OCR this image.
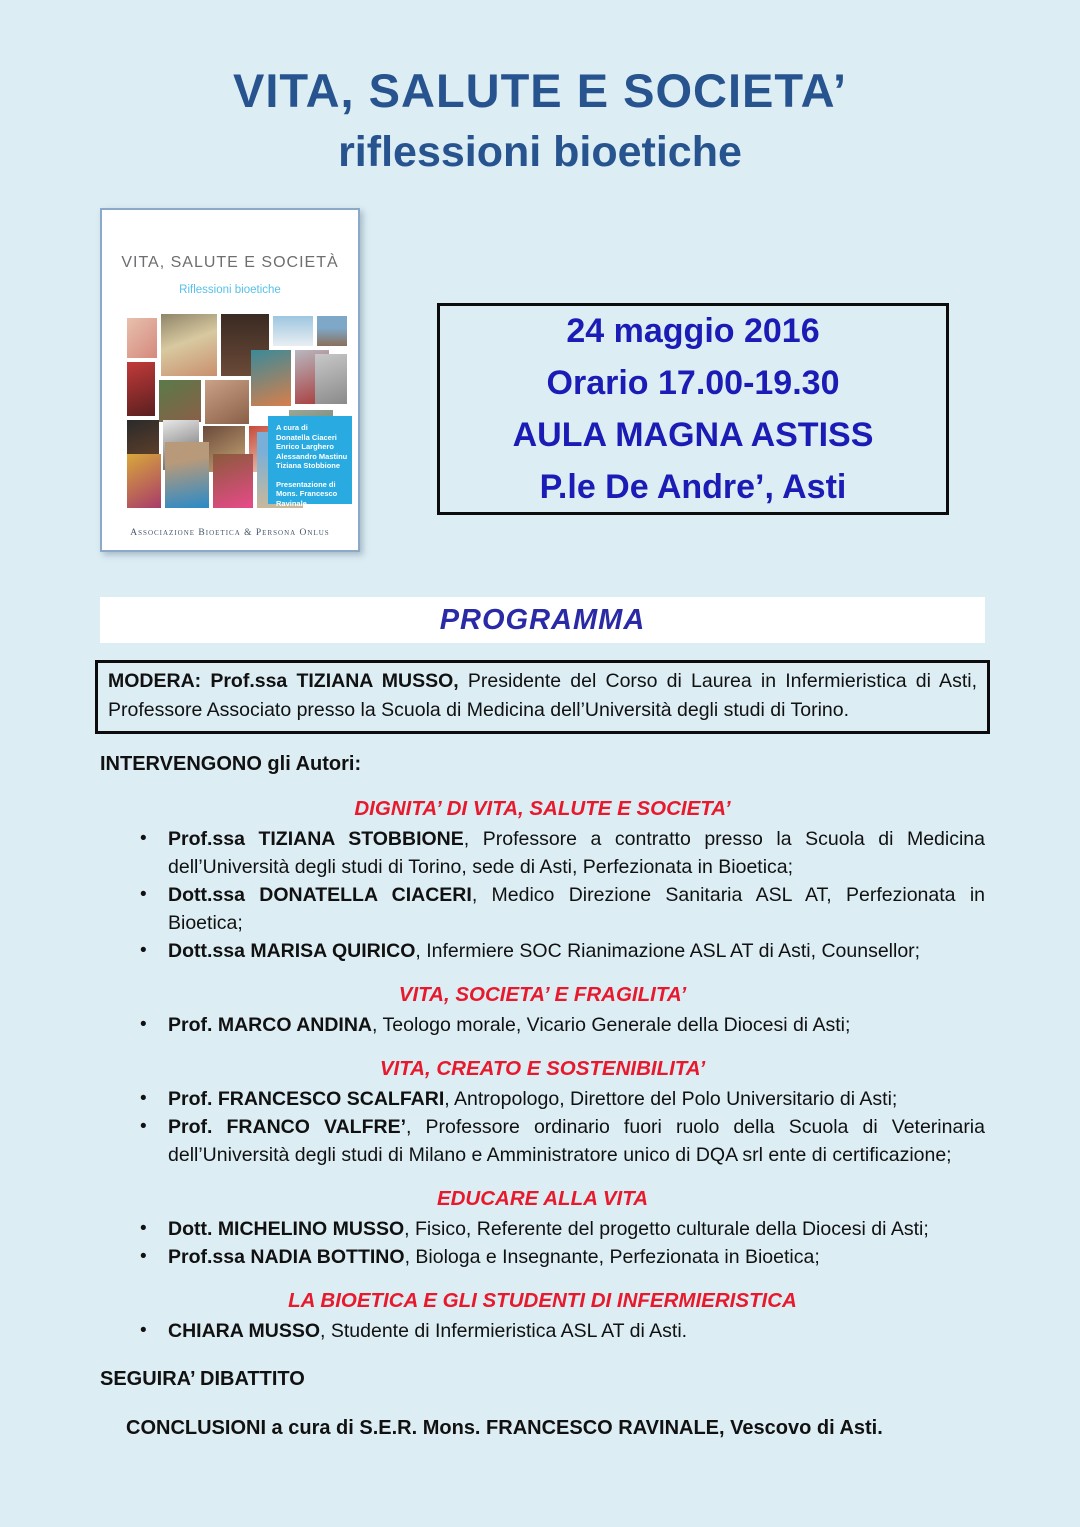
VITA, SALUTE E SOCIETA’
riflessioni bioetiche
VITA, SALUTE E SOCIETÀ
Riflessioni bioetiche
A cura di
Donatella Ciaceri
Enrico Larghero
Alessandro Mastinu
Tiziana Stobbione
Presentazione di
Mons. Francesco Ravinale
Associazione Bioetica & Persona Onlus
24 maggio 2016
Orario 17.00-19.30
AULA MAGNA ASTISS
P.le De Andre’, Asti
PROGRAMMA
MODERA: Prof.ssa TIZIANA MUSSO, Presidente del Corso di Laurea in Infermieristica di Asti, Professore Associato presso la Scuola di Medicina dell’Università degli studi di Torino.
INTERVENGONO gli Autori:
DIGNITA’ DI VITA, SALUTE E SOCIETA’
•	Prof.ssa TIZIANA STOBBIONE, Professore a contratto presso la Scuola di Medicina dell’Università degli studi di Torino, sede di Asti, Perfezionata in Bioetica;

•	Dott.ssa DONATELLA CIACERI, Medico Direzione Sanitaria ASL AT, Perfezionata in Bioetica;

•	Dott.ssa MARISA QUIRICO, Infermiere SOC Rianimazione ASL AT di Asti, Counsellor;

VITA, SOCIETA’ E FRAGILITA’
•	Prof. MARCO ANDINA, Teologo morale, Vicario Generale della Diocesi di Asti;

VITA, CREATO E SOSTENIBILITA’
•	Prof. FRANCESCO SCALFARI, Antropologo, Direttore del Polo Universitario di Asti;

•	Prof. FRANCO VALFRE’, Professore ordinario fuori ruolo della Scuola di Veterinaria dell’Università degli studi di Milano e Amministratore unico di DQA srl ente di certificazione;

EDUCARE ALLA VITA
•	Dott. MICHELINO MUSSO, Fisico, Referente del progetto culturale della Diocesi di Asti;

•	Prof.ssa NADIA BOTTINO, Biologa e Insegnante, Perfezionata in Bioetica;

LA BIOETICA E GLI STUDENTI DI INFERMIERISTICA
•	CHIARA MUSSO, Studente di Infermieristica ASL AT di Asti.

SEGUIRA’ DIBATTITO
CONCLUSIONI a cura di S.E.R. Mons. FRANCESCO RAVINALE, Vescovo di Asti.
